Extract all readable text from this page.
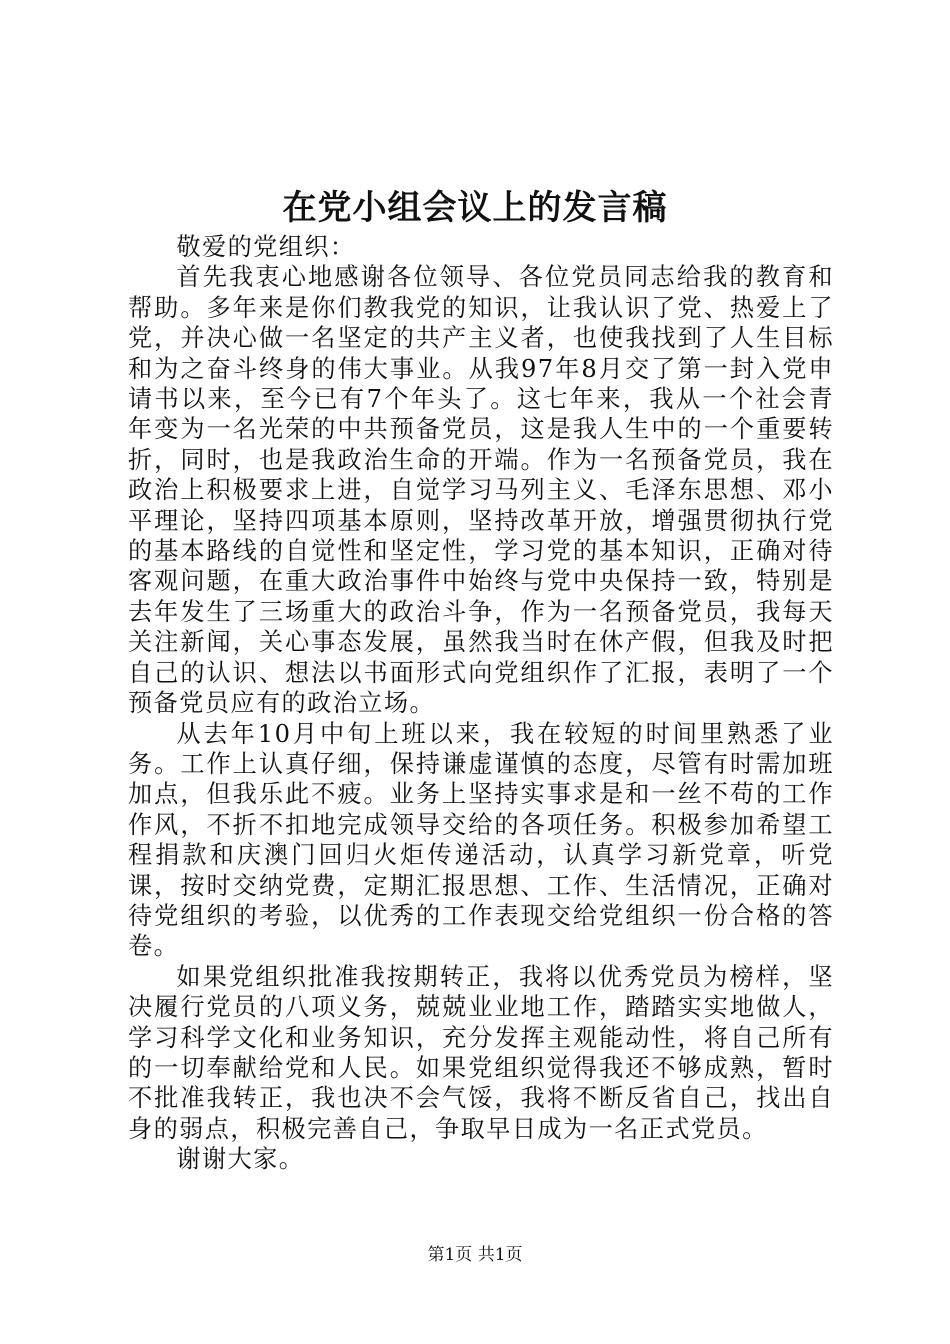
在党小组会议上的发言稿

敬爱的党组织：

首先我衷心地感谢各位领导、各位党员同志给我的教育和帮助。多年来是你们教我党的知识，让我认识了党、热爱上了党，并决心做一名坚定的共产主义者，也使我找到了人生目标和为之奋斗终身的伟大事业。从我97年8月交了第一封入党申请书以来，至今已有7个年头了。这七年来，我从一个社会青年变为一名光荣的中共预备党员，这是我人生中的一个重要转折，同时，也是我政治生命的开端。作为一名预备党员，我在政治上积极要求上进，自觉学习马列主义、毛泽东思想、邓小平理论，坚持四项基本原则，坚持改革开放，增强贯彻执行党的基本路线的自觉性和坚定性，学习党的基本知识，正确对待客观问题，在重大政治事件中始终与党中央保持一致，特别是去年发生了三场重大的政治斗争，作为一名预备党员，我每天关注新闻，关心事态发展，虽然我当时在休产假，但我及时把自己的认识、想法以书面形式向党组织作了汇报，表明了一个预备党员应有的政治立场。

从去年10月中旬上班以来，我在较短的时间里熟悉了业务。工作上认真仔细，保持谦虚谨慎的态度，尽管有时需加班加点，但我乐此不疲。业务上坚持实事求是和一丝不苟的工作作风，不折不扣地完成领导交给的各项任务。积极参加希望工程捐款和庆澳门回归火炬传递活动，认真学习新党章，听党课，按时交纳党费，定期汇报思想、工作、生活情况，正确对待党组织的考验，以优秀的工作表现交给党组织一份合格的答卷。

如果党组织批准我按期转正，我将以优秀党员为榜样，坚决履行党员的八项义务，兢兢业业地工作，踏踏实实地做人，学习科学文化和业务知识，充分发挥主观能动性，将自己所有的一切奉献给党和人民。如果党组织觉得我还不够成熟，暂时不批准我转正，我也决不会气馁，我将不断反省自己，找出自身的弱点，积极完善自己，争取早日成为一名正式党员。

谢谢大家。

第1页 共1页
